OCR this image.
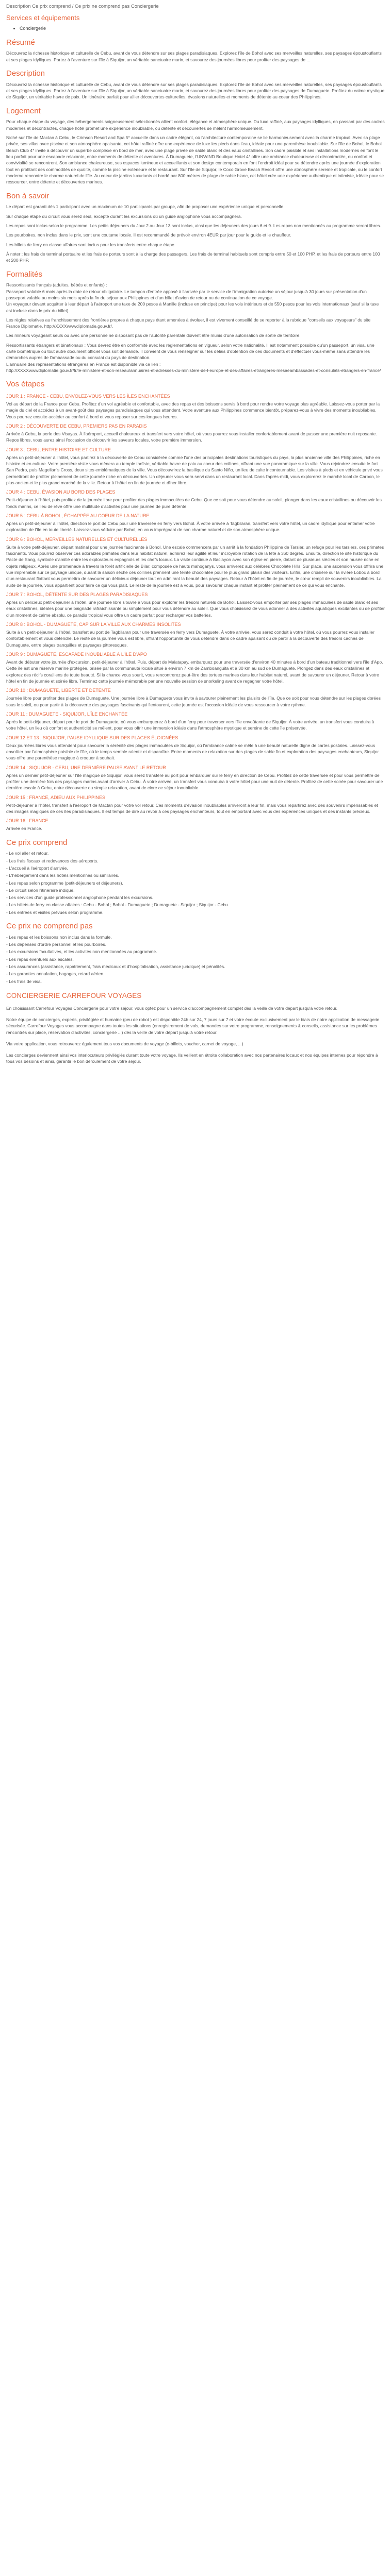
Description Ce prix comprend / Ce prix ne comprend pas Conciergerie
Services et équipements
• Conciergerie
Résumé

Découvrez la richesse historique et culturelle de Cebu, avant de vous détendre sur ses plages paradisiaques. Explorez l'île de Bohol avec ses merveilles naturelles, ses paysages époustouflants et ses plages idylliques. Partez à l'aventure sur l'île à Siquijor, un véritable sanctuaire marin, et savourez des journées libres pour profiter des paysages de ...

Description

Découvrez la richesse historique et culturelle de Cebu, avant de vous détendre sur ses plages paradisiaques. Explorez l'île de Bohol avec ses merveilles naturelles, ses paysages époustouflants et ses plages idylliques. Partez à l'aventure sur l'île à Siquijor, un véritable sanctuaire marin, et savourez des journées libres pour profiter des paysages de Dumaguete. Profitez du calme mystique de Siquijor, un véritable havre de paix. Un itinéraire parfait pour allier découvertes culturelles, évasions naturelles et moments de détente au coeur des Philippines.

Logement

Pour chaque étape du voyage, des hébergements soigneusement sélectionnés allient confort, élégance et atmosphère unique. Du luxe raffiné, aux paysages idylliques, en passant par des cadres modernes et décontractés, chaque hôtel promet une expérience inoubliable, ou détente et découvertes se mêlent harmonieusement.

Niché sur l'île de Mactan à Cebu, le Crimson Resort and Spa 5* accueille dans un cadre élégant, où l'architecture contemporaine se lie harmonieusement avec la charme tropical. Avec sa plage privée, ses villas avec piscine et son atmosphère apaisante, cet hôtel raffiné offre une expérience de luxe les pieds dans l'eau, idéale pour une parenthèse inoubliable. Sur l'île de Bohol, le Bohol Beach Club 4* invite à découvrir un superbe complexe en bord de mer, avec une plage privée de sable blanc et des eaux cristallines. Son cadre paisible et ses installations modernes en font le lieu parfait pour une escapade relaxante, entre moments de détente et aventures. À Dumaguete, l'UNWIND Boutique Hotel 4* offre une ambiance chaleureuse et décontractée, ou confort et convivialité se rencontrent. Son ambiance chaleureuse, ses espaces lumineux et accueillants et son design contemporain en font l'endroit idéal pour se détendre après une journée d'exploration tout en profitant des commodités de qualité, comme la piscine extérieure et le restaurant. Sur l'île de Siquijor, le Coco Grove Beach Resort offre une atmosphère sereine et tropicale, ou le confort moderne rencontre le charme naturel de l'île. Au coeur de jardins luxuriants et bordé par 800 mètres de plage de sable blanc, cet hôtel crée une expérience authentique et intimiste, idéale pour se ressourcer, entre détente et découvertes marines.

Bon à savoir

Le départ est garanti dès 1 participant avec un maximum de 10 participants par groupe, afin de proposer une expérience unique et personnelle.

Sur chaque étape du circuit vous serez seul, excepté durant les excursions où un guide anglophone vous accompagnera.

Les repas sont inclus selon le programme. Les petits déjeuners du Jour 2 au Jour 13 sont inclus, ainsi que les déjeuners des jours 6 et 9. Les repas non mentionnés au programme seront libres.

Les pourboires, non inclus dans le prix, sont une coutume locale. Il est recommandé de prévoir environ 4EUR par jour pour le guide et le chauffeur.

Les billets de ferry en classe affaires sont inclus pour les transferts entre chaque étape.

À noter : les frais de terminal portuaire et les frais de porteurs sont à la charge des passagers. Les frais de terminal habituels sont compris entre 50 et 100 PHP, et les frais de porteurs entre 100 et 200 PHP.

Formalités

Ressortissants français (adultes, bébés et enfants) :
Passeport valable 6 mois après la date de retour obligatoire. Le tampon d'entrée apposé à l'arrivée par le service de l'immigration autorise un séjour jusqu'à 30 jours sur présentation d'un passeport valable au moins six mois après la fin du séjour aux Philippines et d'un billet d'avion de retour ou de continuation de ce voyage.
Un voyageur devant acquitter à leur départ à l'aéroport une taxe de 200 pesos à Manille (incluse en principe) pour les vols intérieurs et de 550 pesos pour les vols internationaux (sauf si la taxe est incluse dans le prix du billet).

Les règles relatives au franchissement des frontières propres à chaque pays étant amenées à évoluer, il est vivement conseillé de se reporter à la rubrique "conseils aux voyageurs" du site France Diplomatie, http://XXXXwwwdiplomatie.gouv.fr/.

Les mineurs voyageant seuls ou avec une personne ne disposant pas de l'autorité parentale doivent être munis d'une autorisation de sortie de territoire.

Ressortissants étrangers et binationaux : Vous devrez être en conformité avec les réglementations en vigueur, selon votre nationalité. Il est notamment possible qu'un passeport, un visa, une carte biométrique ou tout autre document officiel vous soit demandé. Il convient de vous renseigner sur les délais d'obtention de ces documents et d'effectuer vous-même sans attendre les démarches auprès de l'ambassade ou du consulat du pays de destination.
L'annuaire des représentations étrangères en France est disponible via ce lien :
http://XXXXwwwdiplomatie.gouv.fr/fr/le-ministere-et-son-reseau/annuaires-et-adresses-du-ministere-de-l-europe-et-des-affaires-etrangeres-mesaeambassades-et-consulats-etrangers-en-france/

Vos étapes
JOUR 1 : FRANCE - CEBU, ENVOLEZ-VOUS VERS LES ÎLES ENCHANTÉES

Vol au départ de la France pour Cebu. Profitez d'un vol agréable et confortable, avec des repas et des boissons servis à bord pour rendre votre voyage plus agréable. Laissez-vous porter par la magie du ciel et accédez à un avant-goût des paysages paradisiaques qui vous attendent. Votre aventure aux Philippines commence bientôt, préparez-vous à vivre des moments inoubliables. Vous pourrez ensuite accéder au confort à bord et vous reposer sur ces longues heures.

JOUR 2 : DÉCOUVERTE DE CEBU, PREMIERS PAS EN PARADIS

Arrivée à Cebu, la perle des Visayas. À l'aéroport, accueil chaleureux et transfert vers votre hôtel, où vous pourrez vous installer confortablement avant de passer une première nuit reposante. Repos libres, vous aurez ainsi l'occasion de découvrir les saveurs locales, votre première immersion.

JOUR 3 : CEBU, ENTRE HISTOIRE ET CULTURE

Après un petit-déjeuner à l'hôtel, vous partirez à la découverte de Cebu considérée comme l'une des principales destinations touristiques du pays, la plus ancienne ville des Philippines, riche en histoire et en culture. Votre première visite vous mènera au temple taoïste, véritable havre de paix au coeur des collines, offrant une vue panoramique sur la ville. Vous rejoindrez ensuite le fort San Pedro, puis Magellan's Cross, deux sites emblématiques de la ville. Vous découvrirez la basilique du Santo Niño, un lieu de culte incontournable. Les visites à pieds et en véhicule privé vous permettront de profiter pleinement de cette journée riche en découvertes. Un déjeuner vous sera servi dans un restaurant local. Dans l'après-midi, vous explorerez le marché local de Carbon, le plus ancien et le plus grand marché de la ville. Retour à l'hôtel en fin de journée et dîner libre.

JOUR 4 : CEBU, ÉVASION AU BORD DES PLAGES

Petit-déjeuner à l'hôtel, puis profitez de la journée libre pour profiter des plages immaculées de Cebu. Que ce soit pour vous détendre au soleil, plonger dans les eaux cristallines ou découvrir les fonds marins, ce lieu de rêve offre une multitude d'activités pour une journée de pure détente.

JOUR 5 : CEBU À BOHOL, ÉCHAPPÉE AU COEUR DE LA NATURE

Après un petit-déjeuner à l'hôtel, direction le port de Cebu pour une traversée en ferry vers Bohol. À votre arrivée à Tagbilaran, transfert vers votre hôtel, un cadre idyllique pour entamer votre exploration de l'île en toute liberté. Laissez-vous séduire par Bohol, en vous imprégnant de son charme naturel et de son atmosphère unique.

JOUR 6 : BOHOL, MERVEILLES NATURELLES ET CULTURELLES

Suite à votre petit-déjeuner, départ matinal pour une journée fascinante à Bohol. Une escale commencera par un arrêt à la fondation Philippine de Tarsier, un refuge pour les tarsiers, ces primates fascinants. Vous pourrez observer ces adorables primates dans leur habitat naturel, admirez leur agilité et leur incroyable rotation de la tête à 360 degrés. Ensuite, direction le site historique du Pacte de Sang, symbole d'amitié entre les explorateurs espagnols et les chefs locaux. La visite continue à Baclayon avec son église en pierre, datant de plusieurs siècles et son musée riche en objets religieux. Après une promenade à travers la forêt artificielle de Bilar, composée de hauts mahoganys, vous arriverez aux célèbres Chocolate Hills. Sur place, une ascension vous offrira une vue imprenable sur ce paysage unique, durant la saison sèche ces collines prennent une teinte chocolatée pour le plus grand plaisir des visiteurs. Enfin, une croisière sur la rivière Loboc à bord d'un restaurant flottant vous permettra de savourer un délicieux déjeuner tout en admirant la beauté des paysages. Retour à l'hôtel en fin de journée, le cœur rempli de souvenirs inoubliables. La suite de la journée, vous appartient pour faire ce qui vous plaît. Le reste de la journée est à vous, pour savourer chaque instant et profiter pleinement de ce qui vous enchante.

JOUR 7 : BOHOL, DÉTENTE SUR DES PLAGES PARADISIAQUES

Après un délicieux petit-déjeuner à l'hôtel, une journée libre s'ouvre à vous pour explorer les trésors naturels de Bohol. Laissez-vous emporter par ses plages immaculées de sable blanc et ses eaux cristallines, idéales pour une baignade rafraîchissante ou simplement pour vous détendre au soleil. Que vous choisissiez de vous adonner à des activités aquatiques excitantes ou de profiter d'un moment de calme absolu, ce paradis tropical vous offre un cadre parfait pour recharger vos batteries.

JOUR 8 : BOHOL - DUMAGUETE, CAP SUR LA VILLE AUX CHARMES INSOLITES

Suite à un petit-déjeuner à l'hôtel, transfert au port de Tagbilaran pour une traversée en ferry vers Dumaguete. À votre arrivée, vous serez conduit à votre hôtel, où vous pourrez vous installer confortablement et vous détendre. Le reste de la journée vous est libre, offrant l'opportunité de vous détendre dans ce cadre apaisant ou de partir à la découverte des trésors cachés de Dumaguete, entre plages tranquilles et paysages pittoresques.

JOUR 9 : DUMAGUETE, ESCAPADE INOUBLIABLE À L'ÎLE D'APO

Avant de débuter votre journée d'excursion, petit-déjeuner à l'hôtel. Puis, départ de Malatapay, embarquez pour une traversée d'environ 40 minutes à bord d'un bateau traditionnel vers l'île d'Apo. Cette île est une réserve marine protégée, prisée par la communauté locale situé à environ 7 km de Zamboanguita et à 30 km au sud de Dumaguete. Plongez dans des eaux cristallines et explorez des récifs coralliens de toute beauté. Si la chance vous sourit, vous rencontrerez peut-être des tortues marines dans leur habitat naturel, avant de savourer un déjeuner. Retour à votre hôtel en fin de journée et soirée libre. Terminez cette journée mémorable par une nouvelle session de snorkeling avant de regagner votre hôtel.

JOUR 10 : DUMAGUETE, LIBERTÉ ET DÉTENTE

Journée libre pour profiter des plages de Dumaguete. Une journée libre à Dumaguete vous invite à savourer pleinement les plaisirs de l'île. Que ce soit pour vous détendre sur les plages dorées sous le soleil, ou pour partir à la découverte des paysages fascinants qui l'entourent, cette journée est l'occasion idéale de vous ressourcer à votre rythme.

JOUR 11 : DUMAGUETE - SIQUIJOR, L'ÎLE ENCHANTÉE

Après le petit-déjeuner, départ pour le port de Dumaguete, où vous embarquerez à bord d'un ferry pour traverser vers l'île envoûtante de Siquijor. À votre arrivée, un transfert vous conduira à votre hôtel, un lieu où confort et authenticité se mêlent, pour vous offrir une immersion idéale dans l'atmosphère mystique et sereine de cette île préservée.

JOUR 12 ET 13 : SIQUIJOR, PAUSE IDYLLIQUE SUR DES PLAGES ÉLOIGNÉES

Deux journées libres vous attendent pour savourer la sérénité des plages immaculées de Siquijor, où l'ambiance calme se mêle à une beauté naturelle digne de cartes postales. Laissez-vous envoûter par l'atmosphère paisible de l'île, où le temps semble ralentir et disparaître. Entre moments de relaxation sur des plages de sable fin et exploration des paysages enchanteurs, Siquijor vous offre une parenthèse magique à croquer à souhait.

JOUR 14 : SIQUIJOR - CEBU, UNE DERNIÈRE PAUSE AVANT LE RETOUR

Après un dernier petit-déjeuner sur l'île magique de Siquijor, vous serez transféré au port pour embarquer sur le ferry en direction de Cebu. Profitez de cette traversée et pour vous permettre de profiter une dernière fois des paysages marins avant d'arriver à Cebu. À votre arrivée, un transfert vous conduira à votre hôtel pour une nuit de détente. Profitez de cette soirée pour savourer une dernière escale à Cebu, entre découverte ou simple relaxation, avant de clore ce séjour inoubliable.

JOUR 15 : FRANCE, ADIEU AUX PHILIPPINES

Petit-déjeuner à l'hôtel, transfert à l'aéroport de Mactan pour votre vol retour. Ces moments d'évasion inoubliables arriveront à leur fin, mais vous repartirez avec des souvenirs impérissables et des images magiques de ces îles paradisiaques. Il est temps de dire au revoir à ces paysages enchanteurs, tout en emportant avec vous des expériences uniques et des instants précieux.

JOUR 16 : FRANCE

Arrivée en France.

Ce prix comprend
- Le vol aller et retour.
- Les frais fiscaux et redevances des aéroports.
- L'accueil à l'aéroport d'arrivée.
- L'hébergement dans les hôtels mentionnés ou similaires.
- Les repas selon programme (petit-déjeuners et déjeuners).
- Le circuit selon l'itinéraire indiqué.
- Les services d'un guide professionnel anglophone pendant les excursions.
- Les billets de ferry en classe affaires : Cebu - Bohol ; Bohol - Dumaguete ; Dumaguete - Siquijor ; Siquijor - Cebu.
- Les entrées et visites prévues selon programme.
Ce prix ne comprend pas
- Les repas et les boissons non inclus dans la formule.
- Les dépenses d'ordre personnel et les pourboires.
- Les excursions facultatives, et les activités non mentionnées au programme.
- Les repas éventuels aux escales.
- Les assurances (assistance, rapatriement, frais médicaux et d'hospitalisation, assistance juridique) et pénalités.
- Les garanties annulation, bagages, retard aérien.
- Les frais de visa.
CONCIERGERIE CARREFOUR VOYAGES

En choisissant Carrefour Voyages Conciergerie pour votre séjour, vous optez pour un service d'accompagnement complet dès la veille de votre départ jusqu'à votre retour.

Notre équipe de concierges, experts, privilégiée et humaine (peu de robot ) est disponible 24h sur 24, 7 jours sur 7 et votre écoute exclusivement par le biais de notre application de messagerie sécurisée. Carrefour Voyages vous accompagne dans toutes les situations (enregistrement de vols, demandes sur votre programme, renseignements & conseils, assistance sur les problèmes rencontrés sur place, réservation d'activités, conciergerie ...) dès la veille de votre départ jusqu'à votre retour.

Via votre application, vous retrouverez également tous vos documents de voyage (e-billets, voucher, carnet de voyage, ...)

Les concierges deviennent ainsi vos interlocuteurs privilégiés durant toute votre voyage. Ils veillent en étroite collaboration avec nos partenaires locaux et nos équipes internes pour répondre à tous vos besoins et ainsi, garantir le bon déroulement de votre séjour.
